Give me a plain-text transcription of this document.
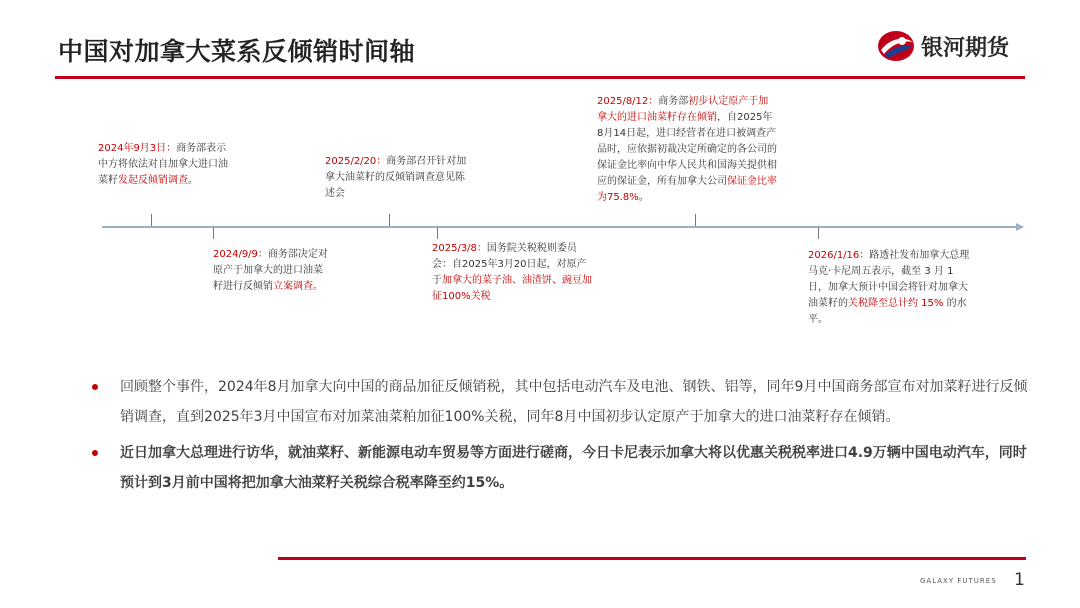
中国对加拿大菜系反倾销时间轴	银河期货
2024年9月3日：商务部表示中方将依法对自加拿大进口油菜籽发起反倾销调查。
2024/9/9：商务部决定对原产于加拿大的进口油菜籽进行反倾销立案调查。
2025/2/20：商务部召开针对加拿大油菜籽的反倾销调查意见陈述会
2025/3/8：国务院关税税则委员会：自2025年3月20日起，对原产于加拿大的菜子油、油渣饼、豌豆加征100%关税
2025/8/12：商务部初步认定原产于加拿大的进口油菜籽存在倾销，自2025年8月14日起，进口经营者在进口被调查产品时，应依据初裁决定所确定的各公司的保证金比率向中华人民共和国海关提供相应的保证金，所有加拿大公司保证金比率为75.8%。
2026/1/16：路透社发布加拿大总理马克·卡尼周五表示，截至 3 月 1 日，加拿大预计中国会将针对加拿大油菜籽的关税降至总计约 15% 的水平。
回顾整个事件，2024年8月加拿大向中国的商品加征反倾销税，其中包括电动汽车及电池、钢铁、铝等，同年9月中国商务部宣布对加菜籽进行反倾销调查，直到2025年3月中国宣布对加菜油菜粕加征100%关税，同年8月中国初步认定原产于加拿大的进口油菜籽存在倾销。
近日加拿大总理进行访华，就油菜籽、新能源电动车贸易等方面进行磋商，今日卡尼表示加拿大将以优惠关税税率进口4.9万辆中国电动汽车，同时预计到3月前中国将把加拿大油菜籽关税综合税率降至约15%。
GALAXY FUTURES 1
